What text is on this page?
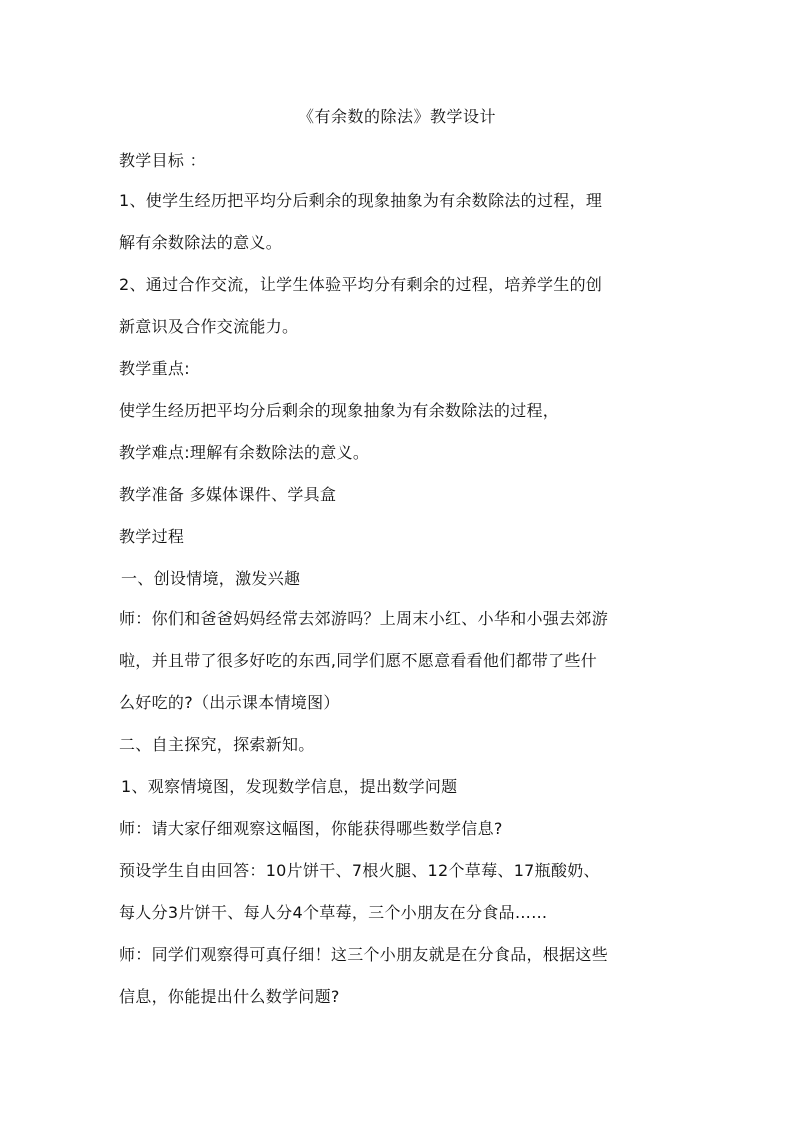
《有余数的除法》教学设计
教学目标 ：
1、使学生经历把平均分后剩余的现象抽象为有余数除法的过程，理
解有余数除法的意义。
2、通过合作交流，让学生体验平均分有剩余的过程，培养学生的创
新意识及合作交流能力。
教学重点:
使学生经历把平均分后剩余的现象抽象为有余数除法的过程，
教学难点:理解有余数除法的意义。
教学准备 多媒体课件、学具盒
教学过程
一、创设情境，激发兴趣
师：你们和爸爸妈妈经常去郊游吗？上周末小红、小华和小强去郊游
啦，并且带了很多好吃的东西,同学们愿不愿意看看他们都带了些什
么好吃的?（出示课本情境图）
二、自主探究，探索新知。
1、观察情境图，发现数学信息，提出数学问题
师：请大家仔细观察这幅图，你能获得哪些数学信息?
预设学生自由回答：10片饼干、7根火腿、12个草莓、17瓶酸奶、
每人分3片饼干、每人分4个草莓，三个小朋友在分食品……
师：同学们观察得可真仔细！这三个小朋友就是在分食品，根据这些
信息，你能提出什么数学问题?
